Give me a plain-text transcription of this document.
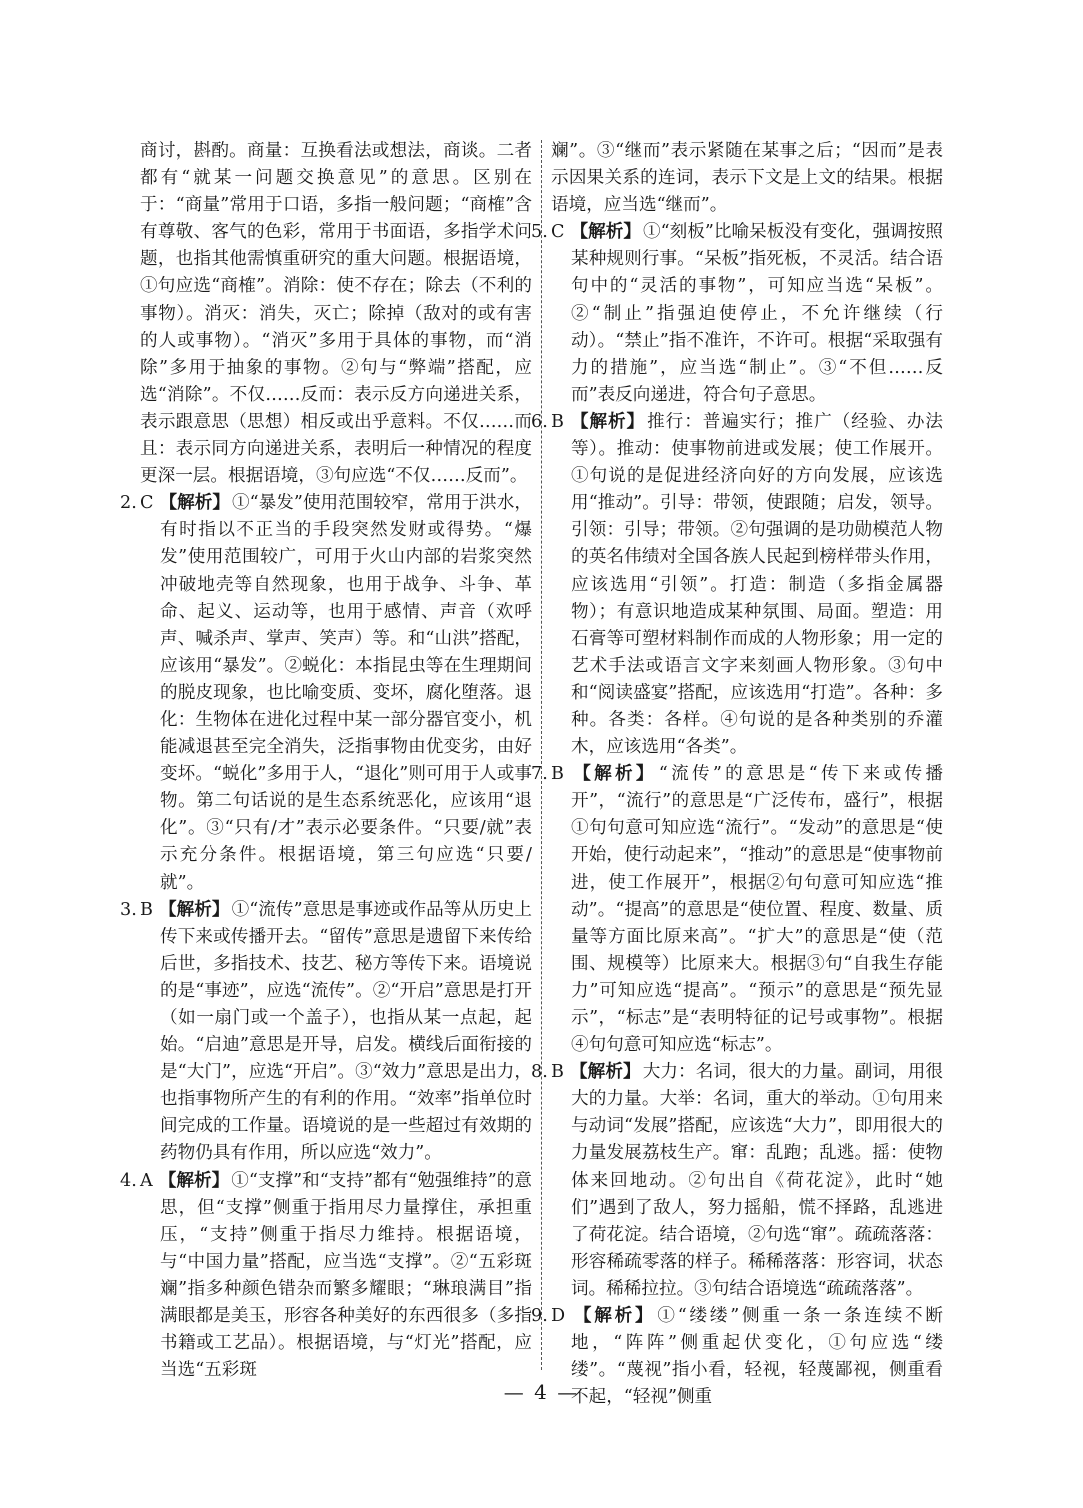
商讨，斟酌。商量：互换看法或想法，商谈。二者都有“就某一问题交换意见”的意思。区别在于：“商量”常用于口语，多指一般问题；“商榷”含有尊敬、客气的色彩，常用于书面语，多指学术问题，也指其他需慎重研究的重大问题。根据语境，①句应选“商榷”。消除：使不存在；除去（不利的事物）。消灭：消失，灭亡；除掉（敌对的或有害的人或事物）。“消灭”多用于具体的事物，而“消除”多用于抽象的事物。②句与“弊端”搭配，应选“消除”。不仅……反而：表示反方向递进关系，表示跟意思（思想）相反或出乎意料。不仅……而且：表示同方向递进关系，表明后一种情况的程度更深一层。根据语境，③句应选“不仅……反而”。

2. C 【解析】 ①“暴发”使用范围较窄，常用于洪水，有时指以不正当的手段突然发财或得势。“爆发”使用范围较广，可用于火山内部的岩浆突然冲破地壳等自然现象，也用于战争、斗争、革命、起义、运动等，也用于感情、声音（欢呼声、喊杀声、掌声、笑声）等。和“山洪”搭配，应该用“暴发”。②蜕化：本指昆虫等在生理期间的脱皮现象，也比喻变质、变坏，腐化堕落。退化：生物体在进化过程中某一部分器官变小，机能减退甚至完全消失，泛指事物由优变劣，由好变坏。“蜕化”多用于人，“退化”则可用于人或事物。第二句话说的是生态系统恶化，应该用“退化”。③“只有/才”表示必要条件。“只要/就”表示充分条件。根据语境，第三句应选“只要/就”。

3. B 【解析】 ①“流传”意思是事迹或作品等从历史上传下来或传播开去。“留传”意思是遗留下来传给后世，多指技术、技艺、秘方等传下来。语境说的是“事迹”，应选“流传”。②“开启”意思是打开（如一扇门或一个盖子），也指从某一点起，起始。“启迪”意思是开导，启发。横线后面衔接的是“大门”，应选“开启”。③“效力”意思是出力，也指事物所产生的有利的作用。“效率”指单位时间完成的工作量。语境说的是一些超过有效期的药物仍具有作用，所以应选“效力”。

4. A 【解析】 ①“支撑”和“支持”都有“勉强维持”的意思，但“支撑”侧重于指用尽力量撑住，承担重压，“支持”侧重于指尽力维持。根据语境，与“中国力量”搭配，应当选“支撑”。②“五彩斑斓”指多种颜色错杂而繁多耀眼；“琳琅满目”指满眼都是美玉，形容各种美好的东西很多（多指书籍或工艺品）。根据语境，与“灯光”搭配，应当选“五彩斑

斓”。③“继而”表示紧随在某事之后；“因而”是表示因果关系的连词，表示下文是上文的结果。根据语境，应当选“继而”。

5. C 【解析】 ①“刻板”比喻呆板没有变化，强调按照某种规则行事。“呆板”指死板，不灵活。结合语句中的“灵活的事物”，可知应当选“呆板”。②“制止”指强迫使停止，不允许继续（行动）。“禁止”指不准许，不许可。根据“采取强有力的措施”，应当选“制止”。③“不但……反而”表反向递进，符合句子意思。

6. B 【解析】 推行：普遍实行；推广（经验、办法等）。推动：使事物前进或发展；使工作展开。①句说的是促进经济向好的方向发展，应该选用“推动”。引导：带领，使跟随；启发，领导。引领：引导；带领。②句强调的是功勋模范人物的英名伟绩对全国各族人民起到榜样带头作用，应该选用“引领”。打造：制造（多指金属器物）；有意识地造成某种氛围、局面。塑造：用石膏等可塑材料制作而成的人物形象；用一定的艺术手法或语言文字来刻画人物形象。③句中和“阅读盛宴”搭配，应该选用“打造”。各种：多种。各类：各样。④句说的是各种类别的乔灌木，应该选用“各类”。

7. B 【解析】 “流传”的意思是“传下来或传播开”，“流行”的意思是“广泛传布，盛行”，根据①句句意可知应选“流行”。“发动”的意思是“使开始，使行动起来”，“推动”的意思是“使事物前进，使工作展开”，根据②句句意可知应选“推动”。“提高”的意思是“使位置、程度、数量、质量等方面比原来高”。“扩大”的意思是“使（范围、规模等）比原来大。根据③句“自我生存能力”可知应选“提高”。“预示”的意思是“预先显示”，“标志”是“表明特征的记号或事物”。根据④句句意可知应选“标志”。

8. B 【解析】 大力：名词，很大的力量。副词，用很大的力量。大举：名词，重大的举动。①句用来与动词“发展”搭配，应该选“大力”，即用很大的力量发展荔枝生产。窜：乱跑；乱逃。摇：使物体来回地动。②句出自《荷花淀》，此时“她们”遇到了敌人，努力摇船，慌不择路，乱逃进了荷花淀。结合语境，②句选“窜”。疏疏落落：形容稀疏零落的样子。稀稀落落：形容词，状态词。稀稀拉拉。③句结合语境选“疏疏落落”。

9. D 【解析】 ①“缕缕”侧重一条一条连续不断地，“阵阵”侧重起伏变化，①句应选“缕缕”。“蔑视”指小看，轻视，轻蔑鄙视，侧重看不起，“轻视”侧重

— 4 —
